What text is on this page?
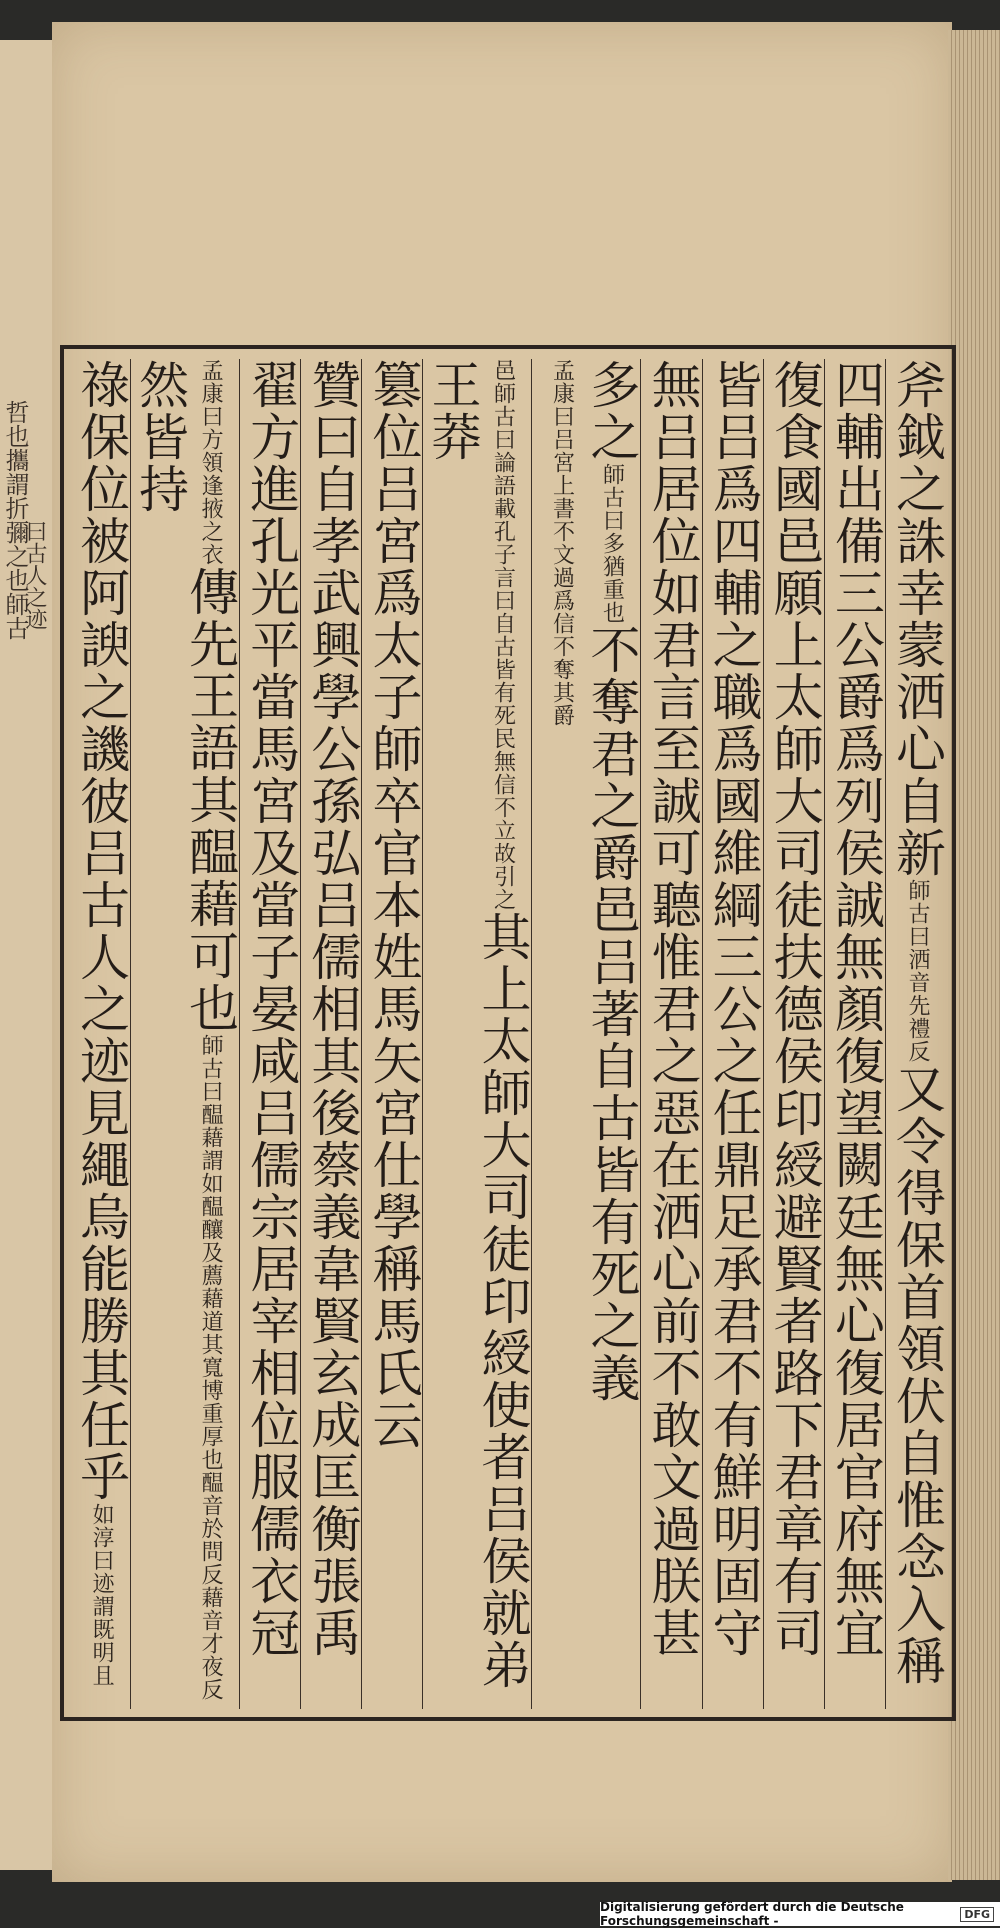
哲也攜謂折彌之也師古
曰古人之迹	斧鉞之誅幸蒙洒心自新師古曰洒音先禮反又令得保首領伏自惟念入稱
四輔出備三公爵爲列侯誠無顏復望闕廷無心復居官府無宜
復食國邑願上太師大司徒扶德侯印綬避賢者路下君章有司
皆吕爲四輔之職爲國維綱三公之任鼎足承君不有鮮明固守
無吕居位如君言至誠可聽惟君之惡在洒心前不敢文過朕甚
多之師古曰多猶重也不奪君之爵邑吕著自古皆有死之義孟康曰吕宮上書不文過爲信不奪其爵
邑師古曰論語載孔子言曰自古皆有死民無信不立故引之其上太師大司徒印綬使者吕侯就弟王莽
篡位吕宮爲太子師卒官本姓馬矢宮仕學稱馬氏云
贊曰自孝武興學公孫弘吕儒相其後蔡義韋賢玄成匡衡張禹
翟方進孔光平當馬宮及當子晏咸吕儒宗居宰相位服儒衣冠
孟康曰方領逢掖之衣傳先王語其醖藉可也師古曰醖藉謂如醖釀及薦藉道其寬博重厚也醖音於問反藉音才夜反然皆持
祿保位被阿諛之譏彼吕古人之迹見繩烏能勝其任乎如淳曰迹謂既明且
Digitalisierung gefördert durch die Deutsche Forschungsgemeinschaft -	DFG
